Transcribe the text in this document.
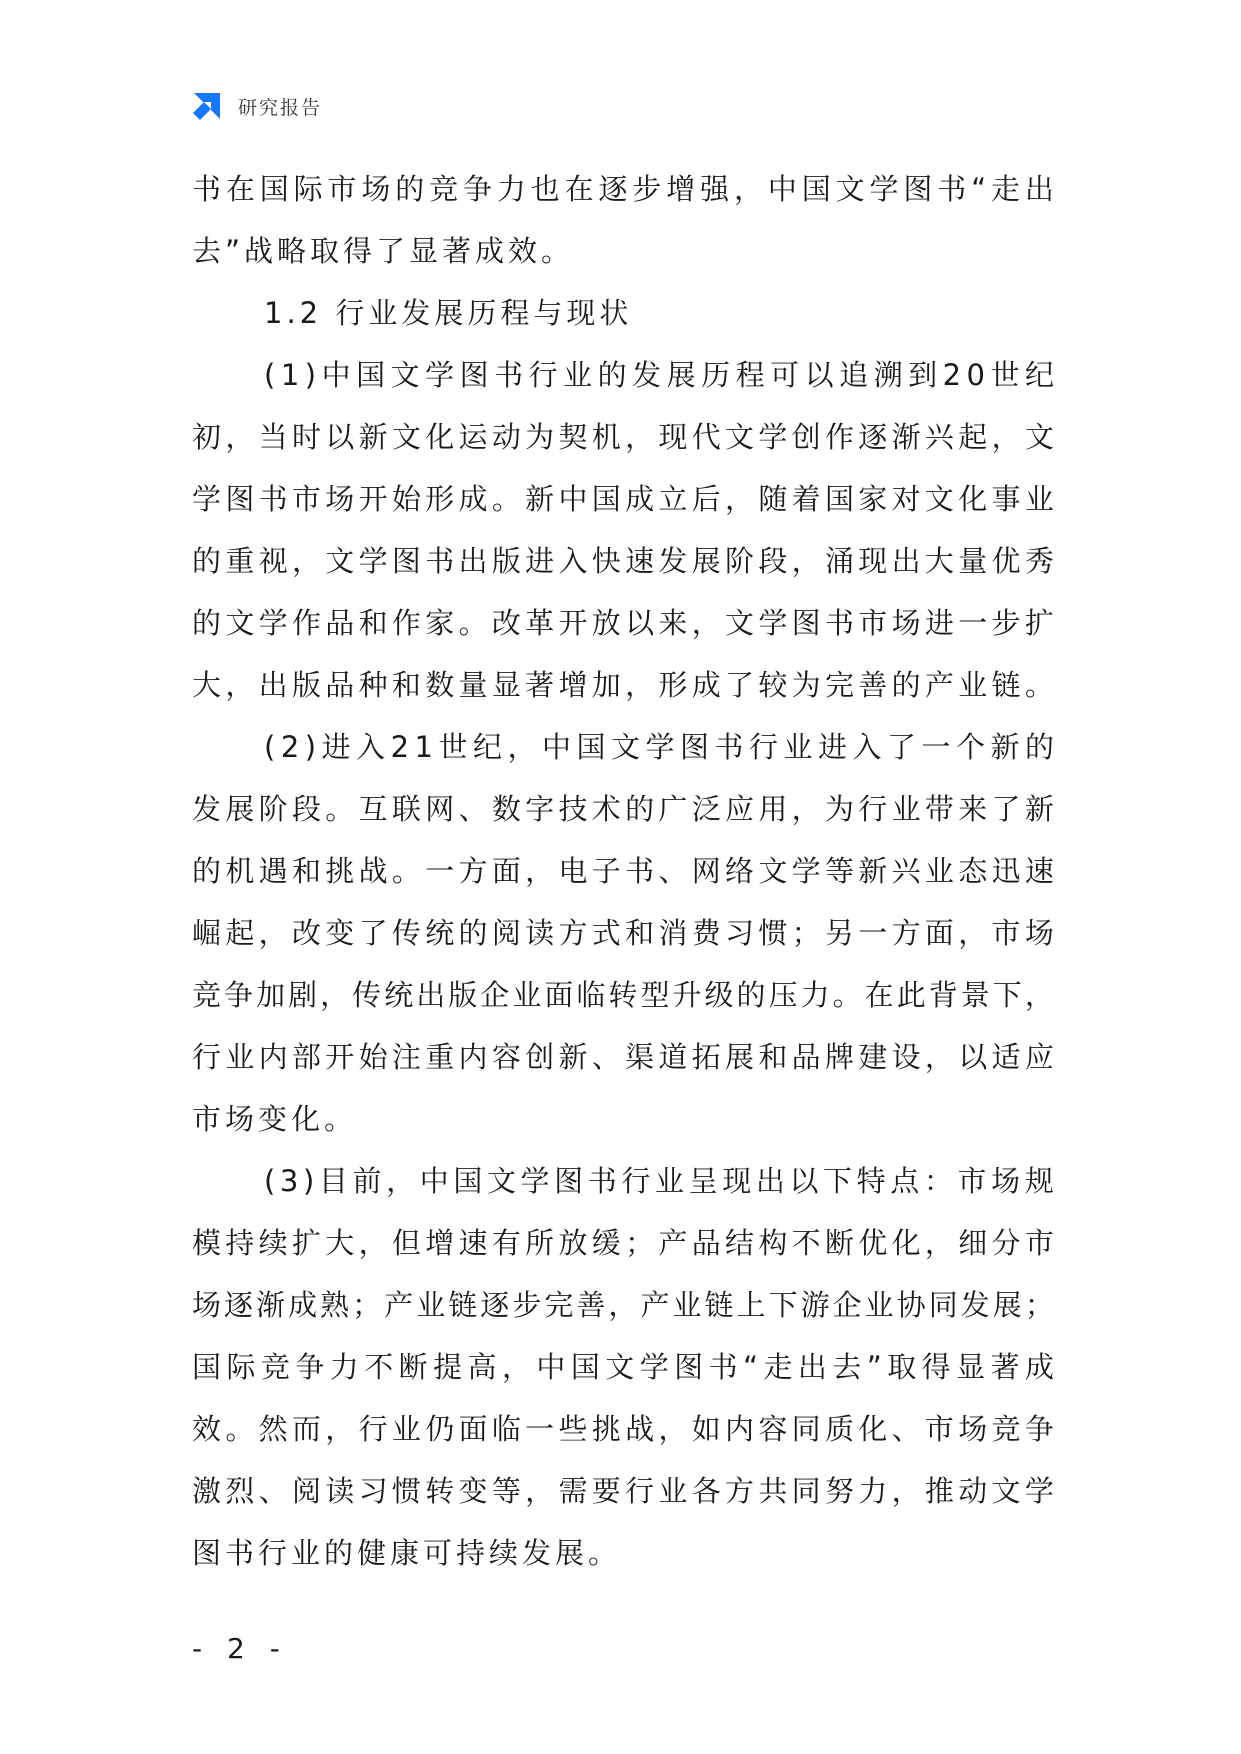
研究报告
书 在 国 际 市 场 的 竞 争 力 也 在 逐 步 增 强 ， 中 国 文 学 图 书 “ 走 出
去”战略取得了显著成效。
1.2 行业发展历程与现状
( 1 ) 中 国 文 学 图 书 行 业 的 发 展 历 程 可 以 追 溯 到 2 0 世 纪
初 ， 当 时 以 新 文 化 运 动 为 契 机 ， 现 代 文 学 创 作 逐 渐 兴 起 ， 文
学 图 书 市 场 开 始 形 成 。 新 中 国 成 立 后 ， 随 着 国 家 对 文 化 事 业
的 重 视 ， 文 学 图 书 出 版 进 入 快 速 发 展 阶 段 ， 涌 现 出 大 量 优 秀
的 文 学 作 品 和 作 家 。 改 革 开 放 以 来 ， 文 学 图 书 市 场 进 一 步 扩
大 ， 出 版 品 种 和 数 量 显 著 增 加 ， 形 成 了 较 为 完 善 的 产 业 链 。
( 2 ) 进 入 2 1 世 纪 ， 中 国 文 学 图 书 行 业 进 入 了 一 个 新 的
发 展 阶 段 。 互 联 网 、 数 字 技 术 的 广 泛 应 用 ， 为 行 业 带 来 了 新
的 机 遇 和 挑 战 。 一 方 面 ， 电 子 书 、 网 络 文 学 等 新 兴 业 态 迅 速
崛 起 ， 改 变 了 传 统 的 阅 读 方 式 和 消 费 习 惯 ； 另 一 方 面 ， 市 场
竞 争 加 剧 ， 传 统 出 版 企 业 面 临 转 型 升 级 的 压 力 。 在 此 背 景 下 ，
行 业 内 部 开 始 注 重 内 容 创 新 、 渠 道 拓 展 和 品 牌 建 设 ， 以 适 应
市场变化。
( 3 ) 目 前 ， 中 国 文 学 图 书 行 业 呈 现 出 以 下 特 点 ： 市 场 规
模 持 续 扩 大 ， 但 增 速 有 所 放 缓 ； 产 品 结 构 不 断 优 化 ， 细 分 市
场 逐 渐 成 熟 ； 产 业 链 逐 步 完 善 ， 产 业 链 上 下 游 企 业 协 同 发 展 ；
国 际 竞 争 力 不 断 提 高 ， 中 国 文 学 图 书 “ 走 出 去 ” 取 得 显 著 成
效 。 然 而 ， 行 业 仍 面 临 一 些 挑 战 ， 如 内 容 同 质 化 、 市 场 竞 争
激 烈 、 阅 读 习 惯 转 变 等 ， 需 要 行 业 各 方 共 同 努 力 ， 推 动 文 学
图书行业的健康可持续发展。
- 2 -
